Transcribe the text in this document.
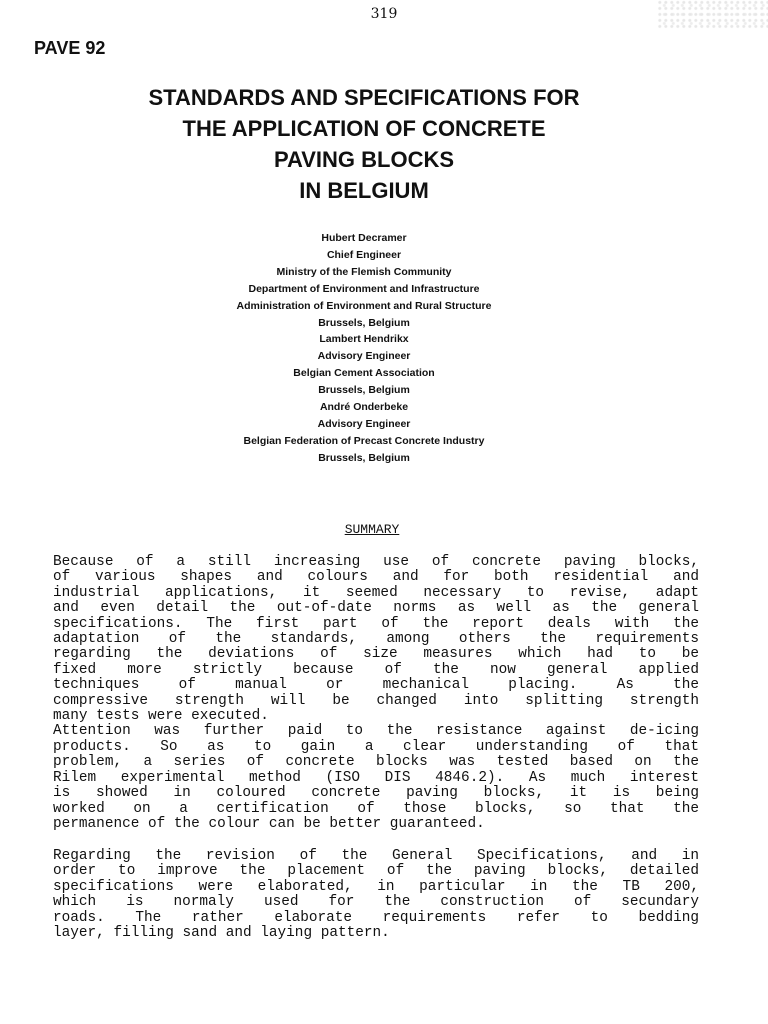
319
PAVE 92
STANDARDS AND SPECIFICATIONS FOR
THE APPLICATION OF CONCRETE
PAVING BLOCKS
IN BELGIUM
Hubert Decramer
Chief Engineer
Ministry of the Flemish Community
Department of Environment and Infrastructure
Administration of Environment and Rural Structure
Brussels, Belgium
Lambert Hendrikx
Advisory Engineer
Belgian Cement Association
Brussels, Belgium
André Onderbeke
Advisory Engineer
Belgian Federation of Precast Concrete Industry
Brussels, Belgium
SUMMARY
Because of a still increasing use of concrete paving blocks,
of various shapes and colours and for both residential and
industrial applications, it seemed necessary to revise, adapt
and even detail the out-of-date norms as well as the general
specifications. The first part of the report deals with the
adaptation of the standards, among others the requirements
regarding the deviations of size measures which had to be
fixed more strictly because of the now general applied
techniques of manual or mechanical placing. As the
compressive strength will be changed into splitting strength
many tests were executed.
Attention was further paid to the resistance against de-icing
products. So as to gain a clear understanding of that
problem, a series of concrete blocks was tested based on the
Rilem experimental method (ISO DIS 4846.2). As much interest
is showed in coloured concrete paving blocks, it is being
worked on a certification of those blocks, so that the
permanence of the colour can be better guaranteed.
Regarding the revision of the General Specifications, and in
order to improve the placement of the paving blocks, detailed
specifications were elaborated, in particular in the TB 200,
which is normaly used for the construction of secundary
roads. The rather elaborate requirements refer to bedding
layer, filling sand and laying pattern.
